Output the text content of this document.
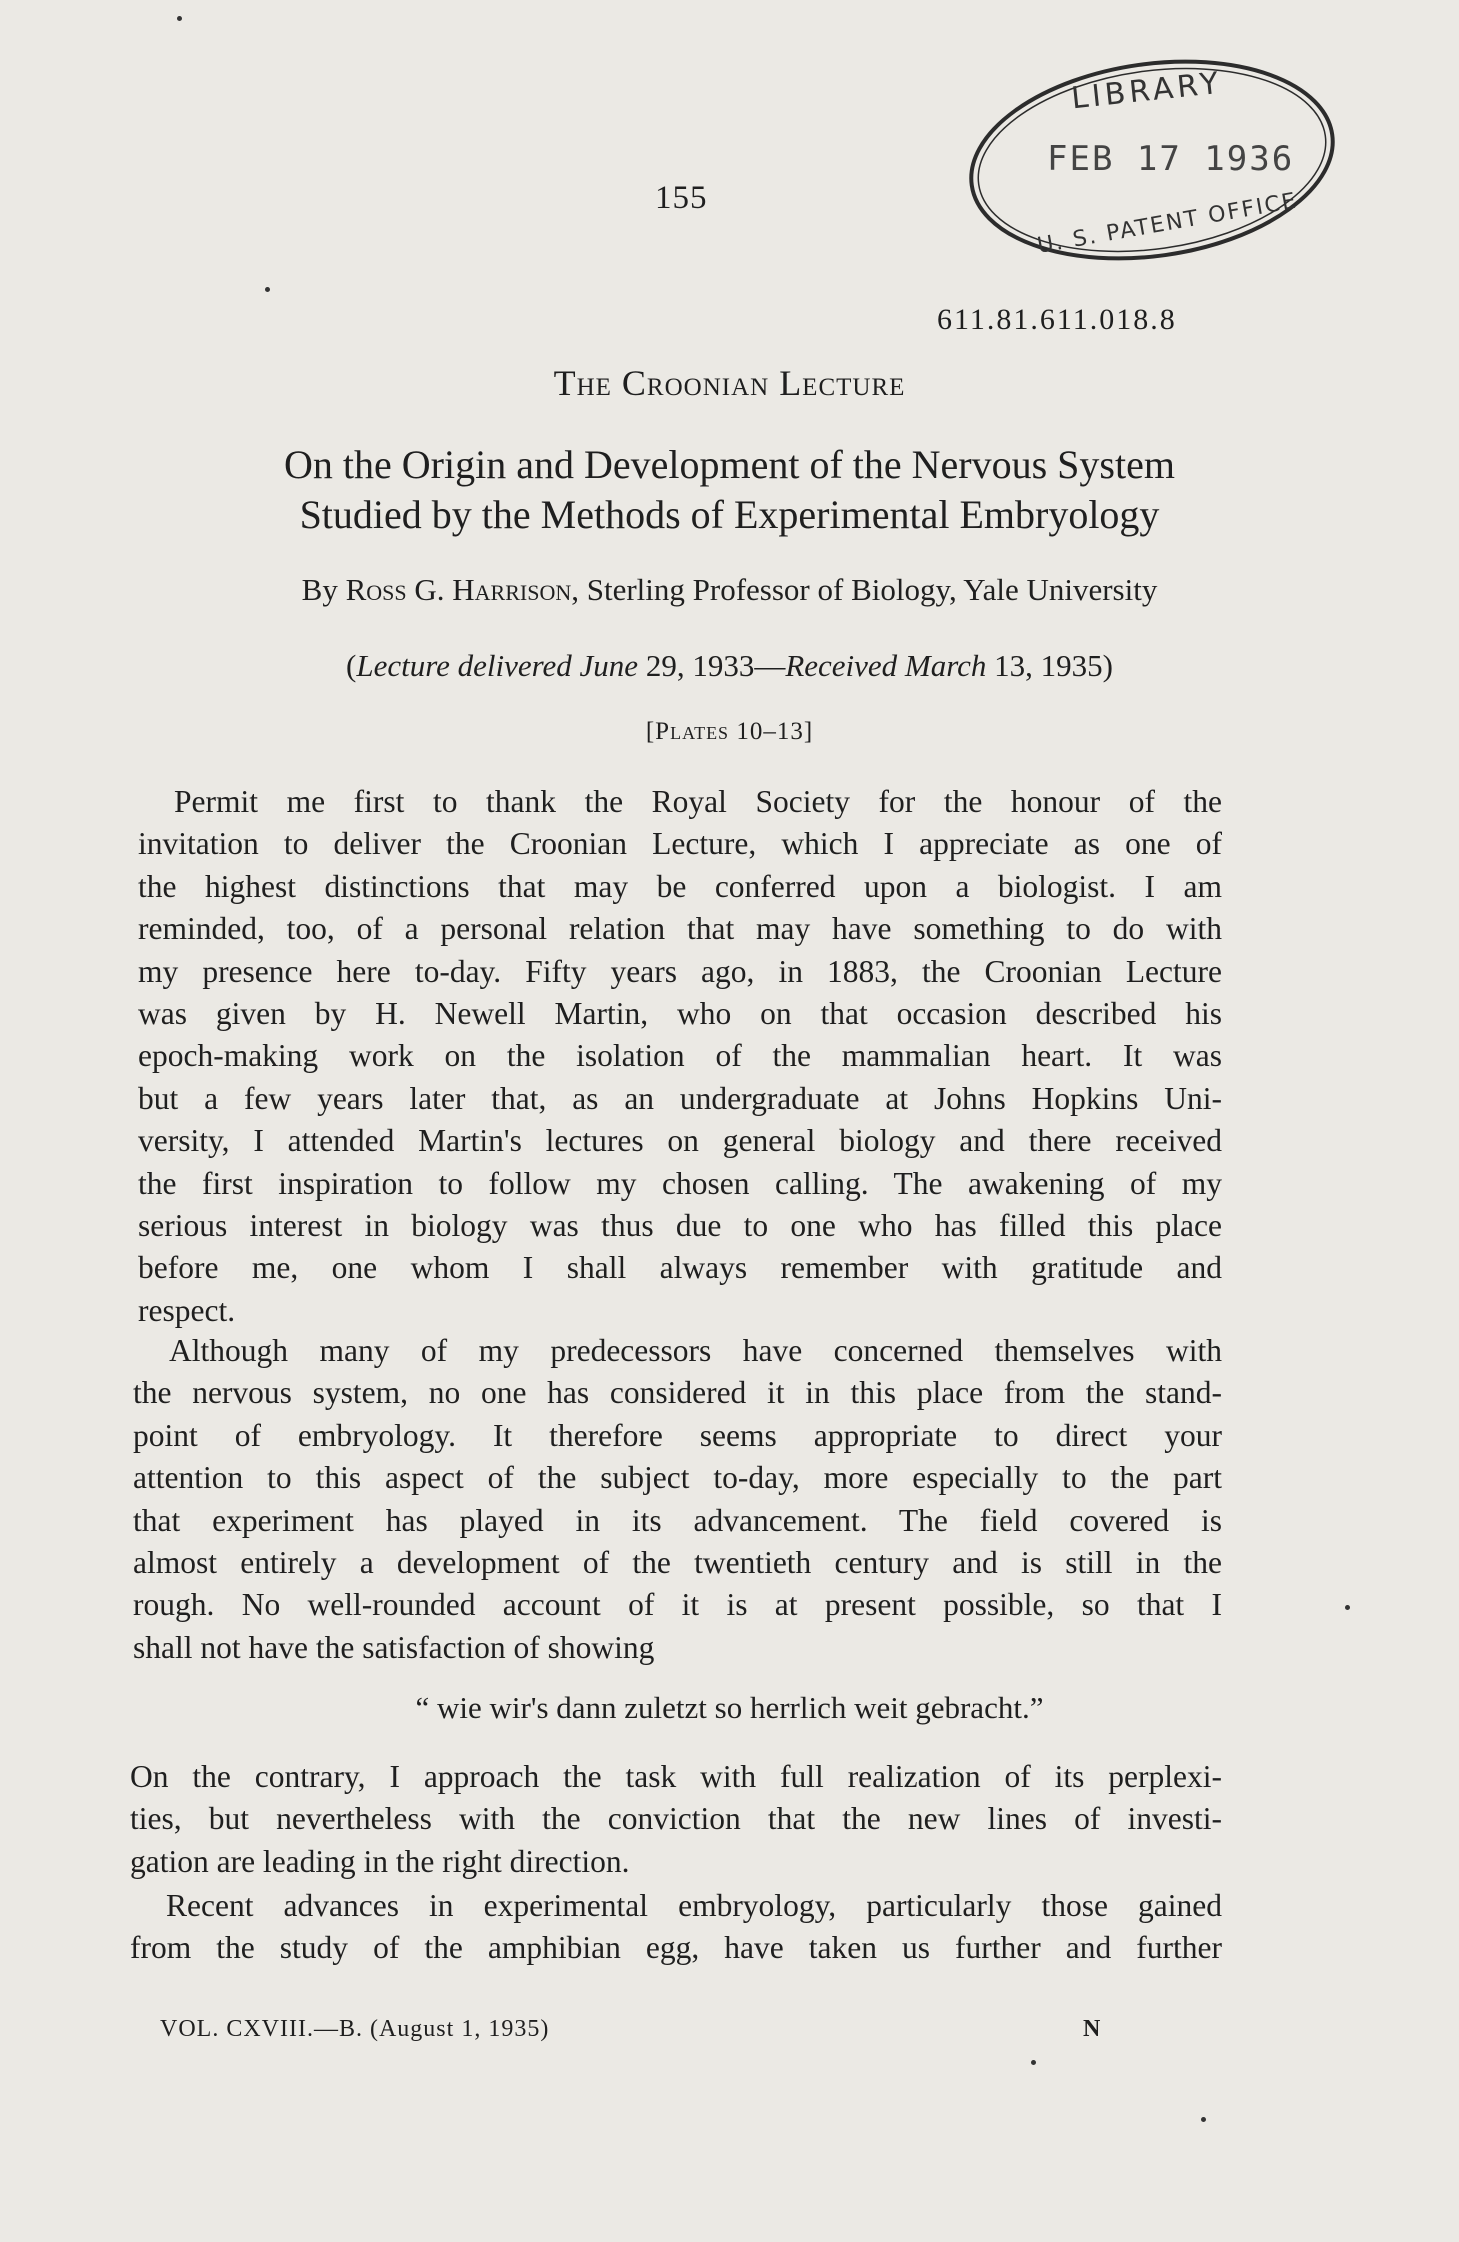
LIBRARY
FEB 17 1936
U. S. PATENT OFFICE
155
611.81.611.018.8
The Croonian Lecture
On the Origin and Development of the Nervous System
Studied by the Methods of Experimental Embryology
By Ross G. Harrison, Sterling Professor of Biology, Yale University
(Lecture delivered June 29, 1933—Received March 13, 1935)
[Plates 10–13]
Permit me first to thank the Royal Society for the honour of the
invitation to deliver the Croonian Lecture, which I appreciate as one of
the highest distinctions that may be conferred upon a biologist. I am
reminded, too, of a personal relation that may have something to do with
my presence here to-day. Fifty years ago, in 1883, the Croonian Lecture
was given by H. Newell Martin, who on that occasion described his
epoch-making work on the isolation of the mammalian heart. It was
but a few years later that, as an undergraduate at Johns Hopkins Uni-
versity, I attended Martin's lectures on general biology and there received
the first inspiration to follow my chosen calling. The awakening of my
serious interest in biology was thus due to one who has filled this place
before me, one whom I shall always remember with gratitude and
respect.
Although many of my predecessors have concerned themselves with
the nervous system, no one has considered it in this place from the stand-
point of embryology. It therefore seems appropriate to direct your
attention to this aspect of the subject to-day, more especially to the part
that experiment has played in its advancement. The field covered is
almost entirely a development of the twentieth century and is still in the
rough. No well-rounded account of it is at present possible, so that I
shall not have the satisfaction of showing
“ wie wir's dann zuletzt so herrlich weit gebracht.”
On the contrary, I approach the task with full realization of its perplexi-
ties, but nevertheless with the conviction that the new lines of investi-
gation are leading in the right direction.
Recent advances in experimental embryology, particularly those gained
from the study of the amphibian egg, have taken us further and further
VOL. CXVIII.—B. (August 1, 1935)	N
